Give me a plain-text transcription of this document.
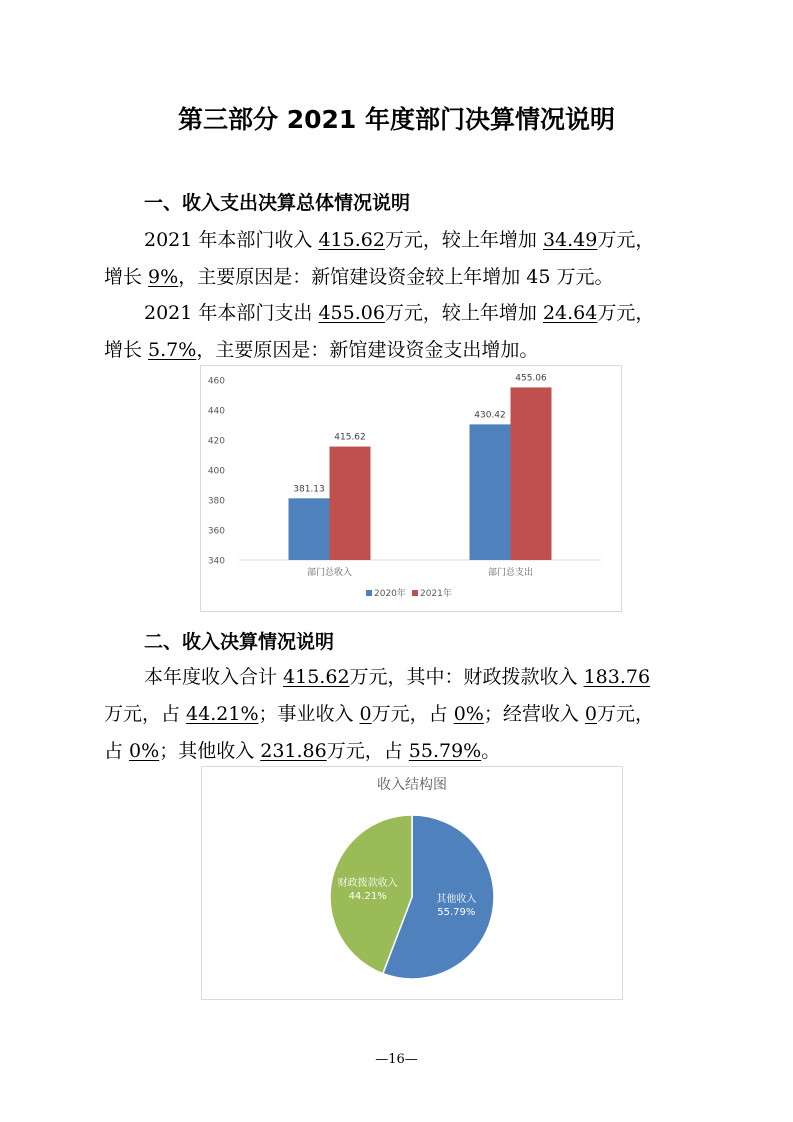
第三部分 2021 年度部门决算情况说明
一、收入支出决算总体情况说明
2021 年本部门收入 415.62万元，较上年增加 34.49万元，
增长 9%，主要原因是：新馆建设资金较上年增加 45 万元。
2021 年本部门支出 455.06万元，较上年增加 24.64万元，
增长 5.7%，主要原因是：新馆建设资金支出增加。
340
360
380
400
420
440
460
381.13
415.62
部门总收入
430.42
455.06
部门总支出
2020年 2021年
二、收入决算情况说明
本年度收入合计 415.62万元，其中：财政拨款收入 183.76
万元，占 44.21%；事业收入 0万元，占 0%；经营收入 0万元，
占 0%；其他收入 231.86万元，占 55.79%。
收入结构图
其他收入
55.79%
财政拨款收入
44.21%
—16—
